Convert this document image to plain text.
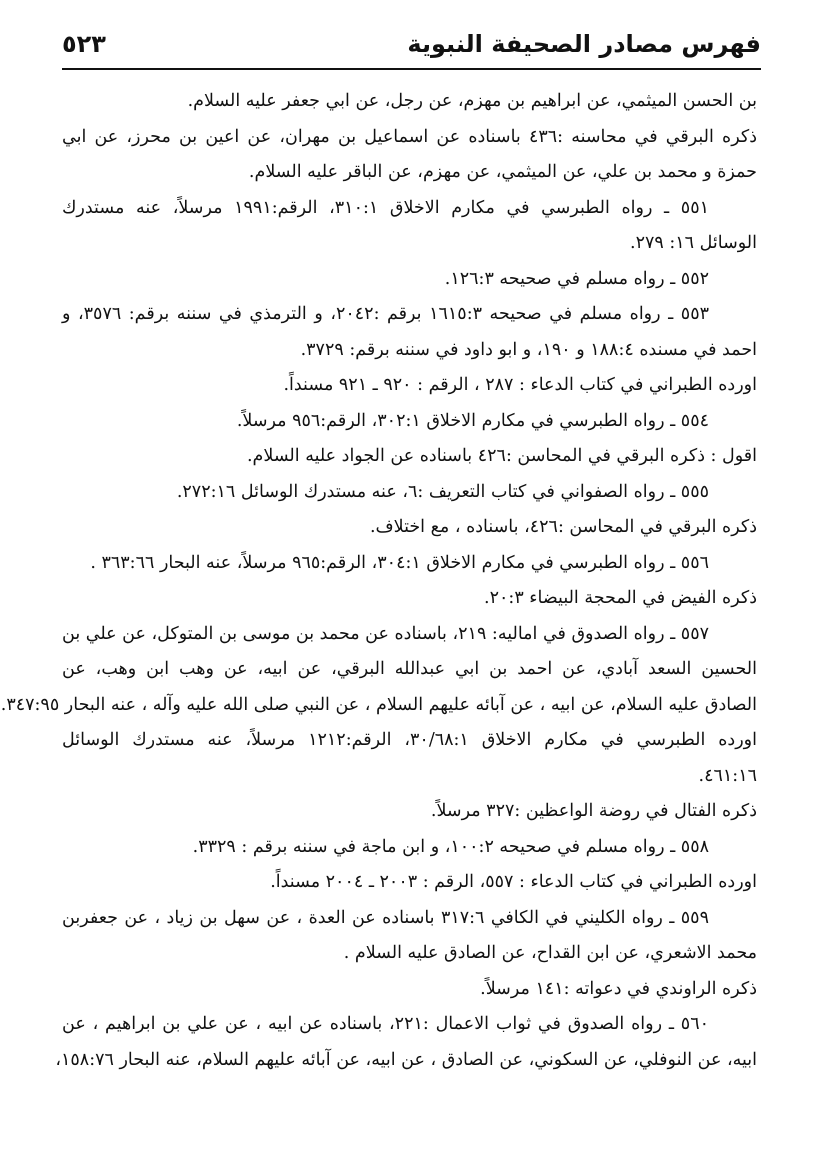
فهرس مصادر الصحيفة النبوية
٥٢٣
بن الحسن الميثمي، عن ابراهيم بن مهزم، عن رجل، عن ابي جعفر عليه السلام.
ذكره البرقي في محاسنه :٤٣٦ باسناده عن اسماعيل بن مهران، عن اعين بن محرز، عن ابي
حمزة و محمد بن علي، عن الميثمي، عن مهزم، عن الباقر عليه السلام.
٥٥١ ـ رواه الطبرسي في مكارم الاخلاق ٣١٠:١، الرقم:١٩٩١ مرسلاً، عنه مستدرك
الوسائل ١٦: ٢٧٩.
٥٥٢ ـ رواه مسلم في صحيحه ١٢٦:٣.
٥٥٣ ـ رواه مسلم في صحيحه ١٦١٥:٣ برقم :٢٠٤٢، و الترمذي في سننه برقم: ٣٥٧٦، و
احمد في مسنده ١٨٨:٤ و ١٩٠، و ابو داود في سننه برقم: ٣٧٢٩.
اورده الطبراني في كتاب الدعاء : ٢٨٧ ، الرقم : ٩٢٠ ـ ٩٢١ مسنداً.
٥٥٤ ـ رواه الطبرسي في مكارم الاخلاق ٣٠٢:١، الرقم:٩٥٦ مرسلاً.
اقول : ذكره البرقي في المحاسن :٤٢٦ باسناده عن الجواد عليه السلام.
٥٥٥ ـ رواه الصفواني في كتاب التعريف :٦، عنه مستدرك الوسائل ٢٧٢:١٦.
ذكره البرقي في المحاسن :٤٢٦، باسناده ، مع اختلاف.
٥٥٦ ـ رواه الطبرسي في مكارم الاخلاق ٣٠٤:١، الرقم:٩٦٥ مرسلاً، عنه البحار ٣٦٣:٦٦ .
ذكره الفيض في المحجة البيضاء ٢٠:٣.
٥٥٧ ـ رواه الصدوق في اماليه: ٢١٩، باسناده عن محمد بن موسى بن المتوكل، عن علي بن
الحسين السعد آبادي، عن احمد بن ابي عبدالله البرقي، عن ابيه، عن وهب ابن وهب، عن
الصادق عليه السلام، عن ابيه ، عن آبائه عليهم السلام ، عن النبي صلى الله عليه وآله ، عنه البحار ٣٤٧:٩٥.
اورده الطبرسي في مكارم الاخلاق ٣٠/٦٨:١، الرقم:١٢١٢ مرسلاً، عنه مستدرك الوسائل
٤٦١:١٦.
ذكره الفتال في روضة الواعظين :٣٢٧ مرسلاً.
٥٥٨ ـ رواه مسلم في صحيحه ١٠٠:٢، و ابن ماجة في سننه برقم : ٣٣٢٩.
اورده الطبراني في كتاب الدعاء : ٥٥٧، الرقم : ٢٠٠٣ ـ ٢٠٠٤ مسنداً.
٥٥٩ ـ رواه الكليني في الكافي ٣١٧:٦ باسناده عن العدة ، عن سهل بن زياد ، عن جعفربن
محمد الاشعري، عن ابن القداح، عن الصادق عليه السلام .
ذكره الراوندي في دعواته :١٤١ مرسلاً.
٥٦٠ ـ رواه الصدوق في ثواب الاعمال :٢٢١، باسناده عن ابيه ، عن علي بن ابراهيم ، عن
ابيه، عن النوفلي، عن السكوني، عن الصادق ، عن ابيه، عن آبائه عليهم السلام، عنه البحار ١٥٨:٧٦،
